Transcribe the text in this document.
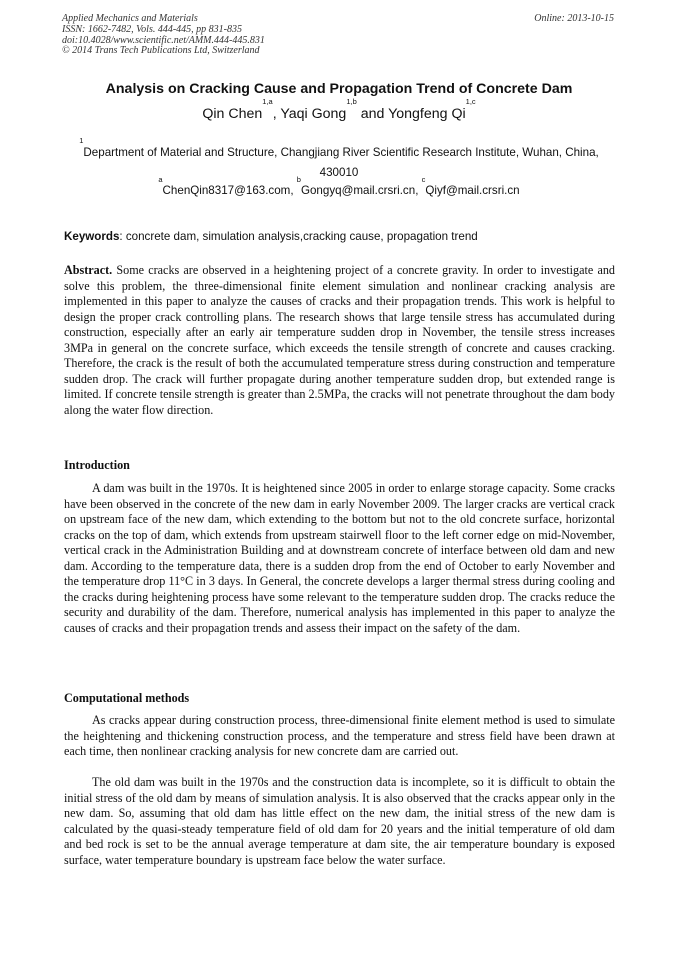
Applied Mechanics and Materials
ISSN: 1662-7482, Vols. 444-445, pp 831-835
doi:10.4028/www.scientific.net/AMM.444-445.831
© 2014 Trans Tech Publications Ltd, Switzerland
Online: 2013-10-15
Analysis on Cracking Cause and Propagation Trend of Concrete Dam
Qin Chen$^{1,a}$, Yaqi Gong$^{1,b}$ and Yongfeng Qi$^{1,c}$
$^1$Department of Material and Structure, Changjiang River Scientific Research Institute, Wuhan, China, 430010
$^a$ChenQin8317@163.com, $^b$Gongyq@mail.crsri.cn, $^c$Qiyf@mail.crsri.cn
Keywords: concrete dam, simulation analysis,cracking cause, propagation trend
Abstract. Some cracks are observed in a heightening project of a concrete gravity. In order to investigate and solve this problem, the three-dimensional finite element simulation and nonlinear cracking analysis are implemented in this paper to analyze the causes of cracks and their propagation trends. This work is helpful to design the proper crack controlling plans. The research shows that large tensile stress has accumulated during construction, especially after an early air temperature sudden drop in November, the tensile stress increases 3MPa in general on the concrete surface, which exceeds the tensile strength of concrete and causes cracking. Therefore, the crack is the result of both the accumulated temperature stress during construction and temperature sudden drop. The crack will further propagate during another temperature sudden drop, but extended range is limited. If concrete tensile strength is greater than 2.5MPa, the cracks will not penetrate throughout the dam body along the water flow direction.
Introduction
A dam was built in the 1970s. It is heightened since 2005 in order to enlarge storage capacity. Some cracks have been observed in the concrete of the new dam in early November 2009. The larger cracks are vertical crack on upstream face of the new dam, which extending to the bottom but not to the old concrete surface, horizontal cracks on the top of dam, which extends from upstream stairwell floor to the left corner edge on mid-November, vertical crack in the Administration Building and at downstream concrete of interface between old dam and new dam. According to the temperature data, there is a sudden drop from the end of October to early November and the temperature drop 11°C in 3 days. In General, the concrete develops a larger thermal stress during cooling and the cracks during heightening process have some relevant to the temperature sudden drop. The cracks reduce the security and durability of the dam. Therefore, numerical analysis has implemented in this paper to analyze the causes of cracks and their propagation trends and assess their impact on the safety of the dam.
Computational methods
As cracks appear during construction process, three-dimensional finite element method is used to simulate the heightening and thickening construction process, and the temperature and stress field have been drawn at each time, then nonlinear cracking analysis for new concrete dam are carried out.
The old dam was built in the 1970s and the construction data is incomplete, so it is difficult to obtain the initial stress of the old dam by means of simulation analysis. It is also observed that the cracks appear only in the new dam. So, assuming that old dam has little effect on the new dam, the initial stress of the new dam is calculated by the quasi-steady temperature field of old dam for 20 years and the initial temperature of old dam and bed rock is set to be the annual average temperature at dam site, the air temperature boundary is exposed surface, water temperature boundary is upstream face below the water surface.
